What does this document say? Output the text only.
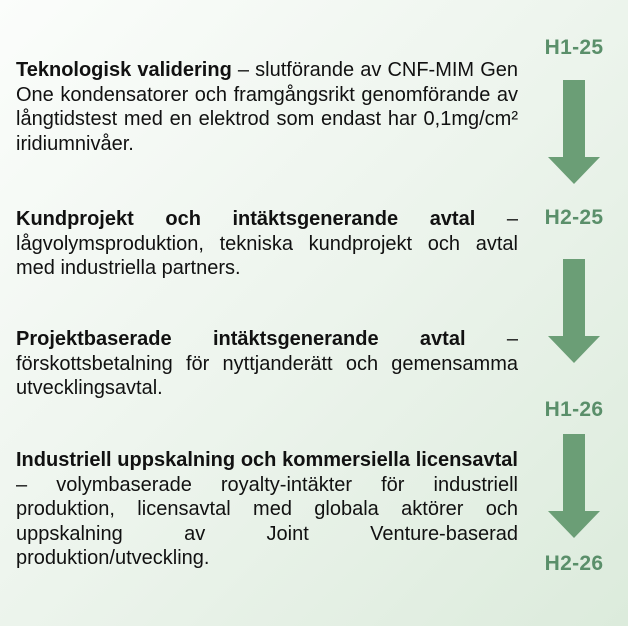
Teknologisk validering – slutförande av CNF-MIM Gen One kondensatorer och framgångsrikt genomförande av långtidstest med en elektrod som endast har 0,1mg/cm² iridiumnivåer.
Kundprojekt och intäktsgenerande avtal – lågvolymsproduktion, tekniska kundprojekt och avtal med industriella partners.
Projektbaserade intäktsgenerande avtal – förskottsbetalning för nyttjanderätt och gemensamma utvecklingsavtal.
Industriell uppskalning och kommersiella licensavtal – volymbaserade royalty-intäkter för industriell produktion, licensavtal med globala aktörer och uppskalning av Joint Venture-baserad produktion/utveckling.
H1-25
H2-25
H1-26
H2-26
